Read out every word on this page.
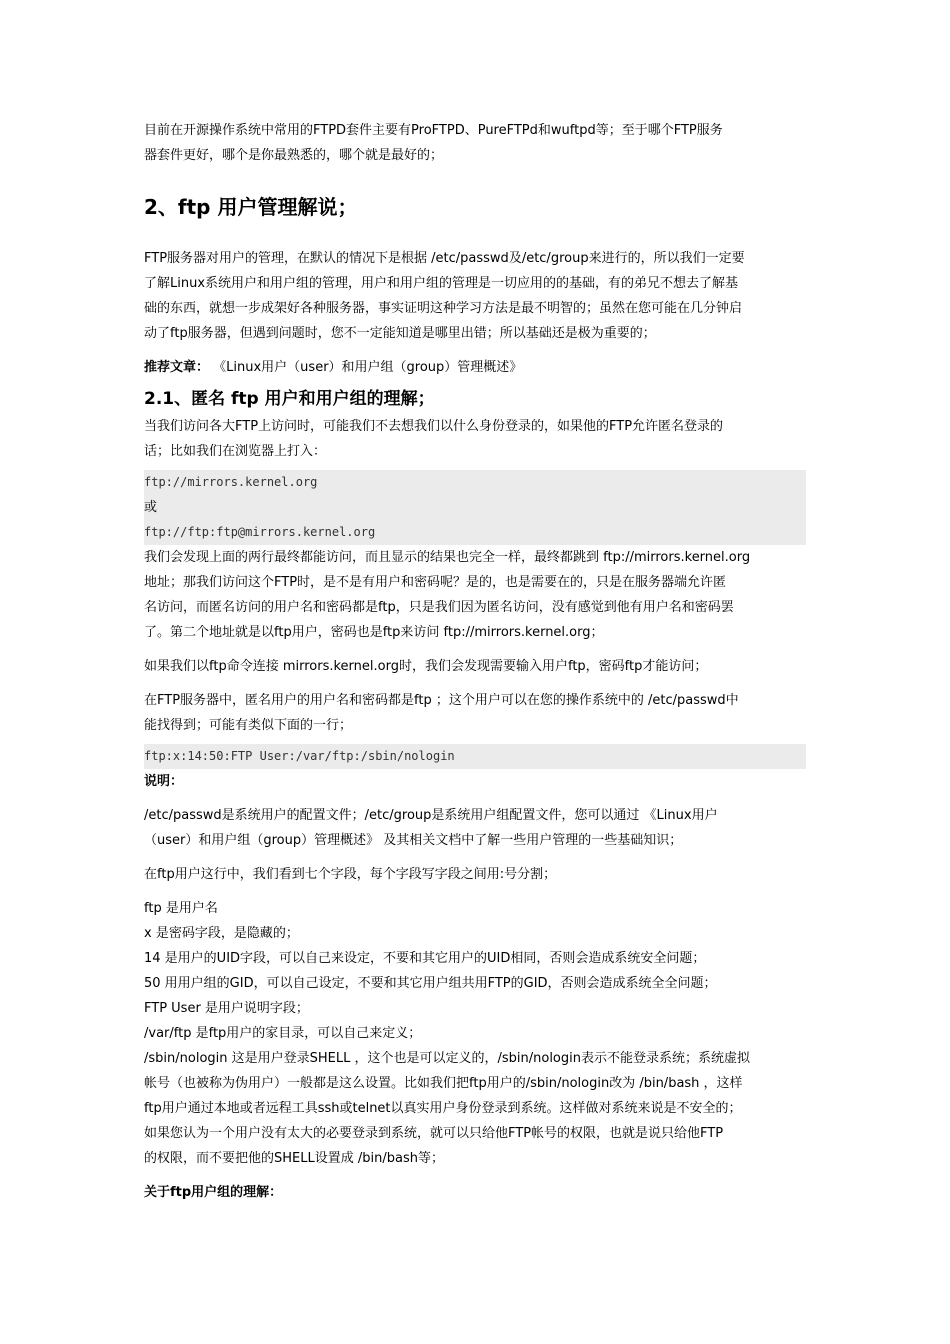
目前在开源操作系统中常用的FTPD套件主要有ProFTPD、PureFTPd和wuftpd等；至于哪个FTP服务

器套件更好，哪个是你最熟悉的，哪个就是最好的；

2、ftp 用户管理解说；

FTP服务器对用户的管理，在默认的情况下是根据 /etc/passwd及/etc/group来进行的，所以我们一定要

了解Linux系统用户和用户组的管理，用户和用户组的管理是一切应用的的基础，有的弟兄不想去了解基

础的东西，就想一步成架好各种服务器，事实证明这种学习方法是最不明智的；虽然在您可能在几分钟启

动了ftp服务器，但遇到问题时，您不一定能知道是哪里出错；所以基础还是极为重要的；

推荐文章： 《Linux用户（user）和用户组（group）管理概述》

2.1、匿名 ftp 用户和用户组的理解；

当我们访问各大FTP上访问时，可能我们不去想我们以什么身份登录的，如果他的FTP允许匿名登录的

话；比如我们在浏览器上打入：

ftp://mirrors.kernel.org
或
ftp://ftp:ftp@mirrors.kernel.org

我们会发现上面的两行最终都能访问，而且显示的结果也完全一样，最终都跳到 ftp://mirrors.kernel.org

地址；那我们访问这个FTP时，是不是有用户和密码呢？是的，也是需要在的，只是在服务器端允许匿

名访问，而匿名访问的用户名和密码都是ftp，只是我们因为匿名访问，没有感觉到他有用户名和密码罢

了。第二个地址就是以ftp用户，密码也是ftp来访问 ftp://mirrors.kernel.org；

如果我们以ftp命令连接 mirrors.kernel.org时，我们会发现需要输入用户ftp，密码ftp才能访问；

在FTP服务器中，匿名用户的用户名和密码都是ftp ；这个用户可以在您的操作系统中的 /etc/passwd中

能找得到；可能有类似下面的一行；

ftp:x:14:50:FTP User:/var/ftp:/sbin/nologin

说明：

/etc/passwd是系统用户的配置文件；/etc/group是系统用户组配置文件，您可以通过 《Linux用户

（user）和用户组（group）管理概述》 及其相关文档中了解一些用户管理的一些基础知识；

在ftp用户这行中，我们看到七个字段，每个字段写字段之间用:号分割；

ftp 是用户名

x 是密码字段，是隐藏的；

14 是用户的UID字段，可以自己来设定，不要和其它用户的UID相同，否则会造成系统安全问题；

50 用用户组的GID，可以自己设定，不要和其它用户组共用FTP的GID，否则会造成系统全全问题；

FTP User 是用户说明字段；

/var/ftp 是ftp用户的家目录，可以自己来定义；

/sbin/nologin 这是用户登录SHELL ，这个也是可以定义的，/sbin/nologin表示不能登录系统；系统虚拟

帐号（也被称为伪用户）一般都是这么设置。比如我们把ftp用户的/sbin/nologin改为 /bin/bash ，这样

ftp用户通过本地或者远程工具ssh或telnet以真实用户身份登录到系统。这样做对系统来说是不安全的；

如果您认为一个用户没有太大的必要登录到系统，就可以只给他FTP帐号的权限，也就是说只给他FTP

的权限，而不要把他的SHELL设置成 /bin/bash等；

关于ftp用户组的理解：
